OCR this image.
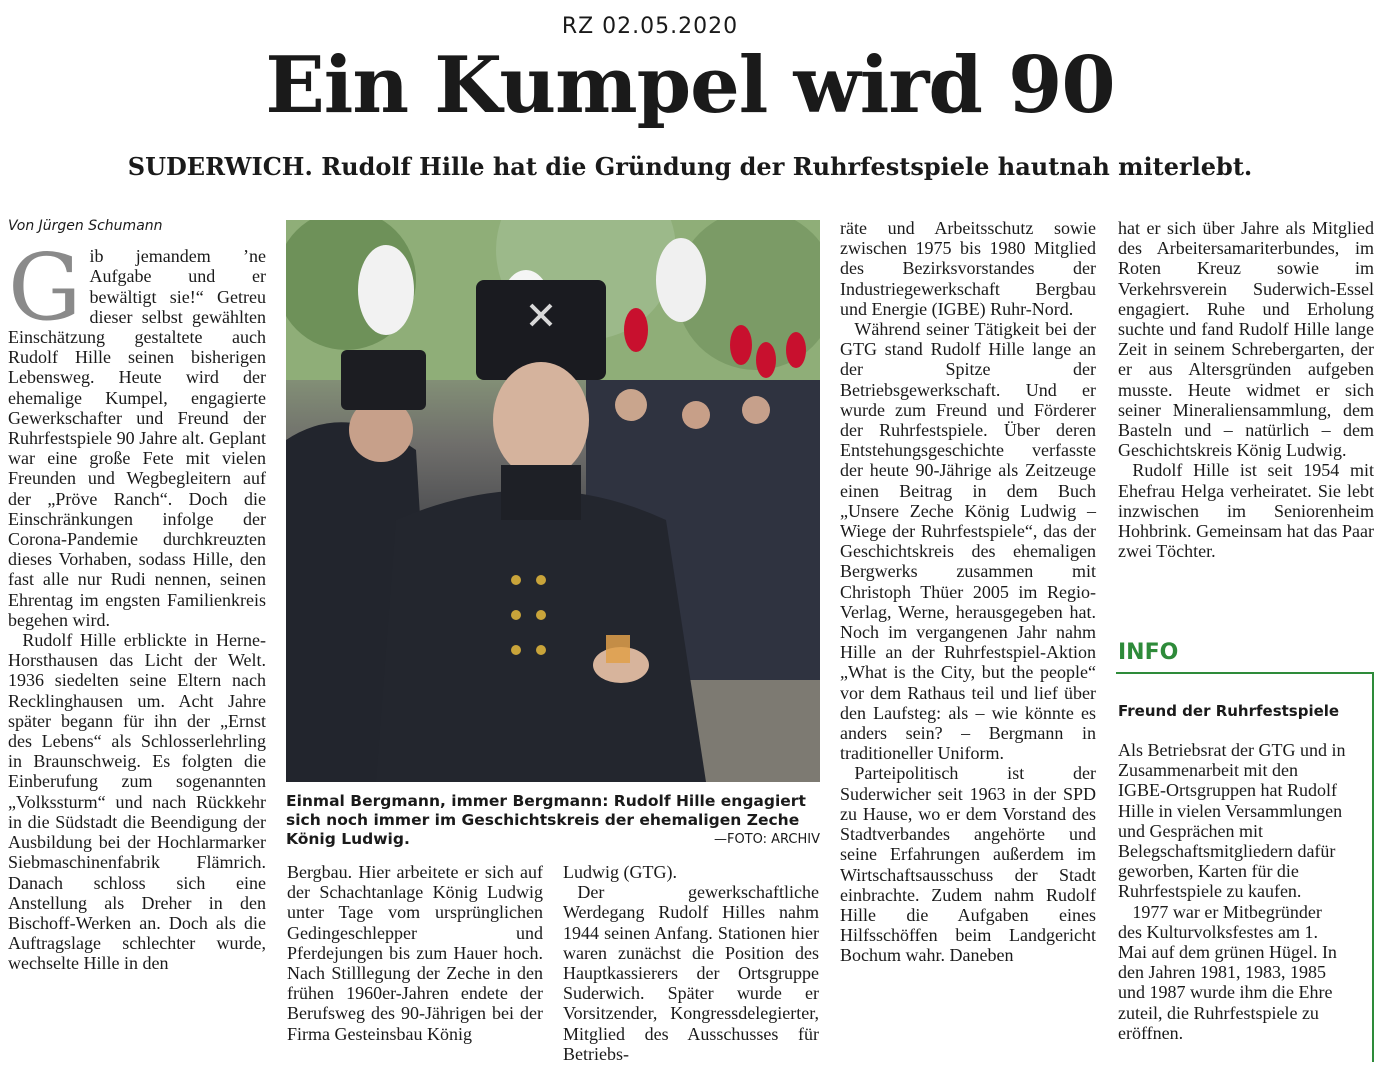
RZ 02.05.2020
Ein Kumpel wird 90
SUDERWICH. Rudolf Hille hat die Gründung der Ruhrfestspiele hautnah miterlebt.

Von Jürgen Schumann

Gib jemandem ’ne Aufgabe und er bewältigt sie!“ Getreu dieser selbst gewählten Einschätzung gestaltete auch Rudolf Hille seinen bisherigen Lebensweg. Heute wird der ehemalige Kumpel, engagierte Gewerkschafter und Freund der Ruhrfestspiele 90 Jahre alt. Geplant war eine große Fete mit vielen Freunden und Wegbegleitern auf der „Pröve Ranch“. Doch die Einschränkungen infolge der Corona-Pandemie durchkreuzten dieses Vorhaben, sodass Hille, den fast alle nur Rudi nennen, seinen Ehrentag im engsten Familienkreis begehen wird.

Rudolf Hille erblickte in Herne-Horsthausen das Licht der Welt. 1936 siedelten seine Eltern nach Recklinghausen um. Acht Jahre später begann für ihn der „Ernst des Lebens“ als Schlosserlehrling in Braunschweig. Es folgten die Einberufung zum sogenannten „Volkssturm“ und nach Rückkehr in die Südstadt die Beendigung der Ausbildung bei der Hochlarmarker Siebmaschinenfabrik Flämrich. Danach schloss sich eine Anstellung als Dreher in den Bischoff-Werken an. Doch als die Auftragslage schlechter wurde, wechselte Hille in den

Einmal Bergmann, immer Bergmann: Rudolf Hille engagiert sich noch immer im Geschichtskreis der ehemaligen Zeche König Ludwig.	—FOTO: ARCHIV

Bergbau. Hier arbeitete er sich auf der Schachtanlage König Ludwig unter Tage vom ursprünglichen Gedingeschlepper und Pferdejungen bis zum Hauer hoch. Nach Stilllegung der Zeche in den frühen 1960er-Jahren endete der Berufsweg des 90-Jährigen bei der Firma Gesteinsbau König

Ludwig (GTG).

Der gewerkschaftliche Werdegang Rudolf Hilles nahm 1944 seinen Anfang. Stationen hier waren zunächst die Position des Hauptkassierers der Ortsgruppe Suderwich. Später wurde er Vorsitzender, Kongressdelegierter, Mitglied des Ausschusses für Betriebs-

räte und Arbeitsschutz sowie zwischen 1975 bis 1980 Mitglied des Bezirksvorstandes der Industriegewerkschaft Bergbau und Energie (IGBE) Ruhr-Nord.

Während seiner Tätigkeit bei der GTG stand Rudolf Hille lange an der Spitze der Betriebsgewerkschaft. Und er wurde zum Freund und Förderer der Ruhrfestspiele. Über deren Entstehungsgeschichte verfasste der heute 90-Jährige als Zeitzeuge einen Beitrag in dem Buch „Unsere Zeche König Ludwig – Wiege der Ruhrfestspiele“, das der Geschichtskreis des ehemaligen Bergwerks zusammen mit Christoph Thüer 2005 im Regio-Verlag, Werne, herausgegeben hat. Noch im vergangenen Jahr nahm Hille an der Ruhrfestspiel-Aktion „What is the City, but the people“ vor dem Rathaus teil und lief über den Laufsteg: als – wie könnte es anders sein? – Bergmann in traditioneller Uniform.

Parteipolitisch ist der Suderwicher seit 1963 in der SPD zu Hause, wo er dem Vorstand des Stadtverbandes angehörte und seine Erfahrungen außerdem im Wirtschaftsausschuss der Stadt einbrachte. Zudem nahm Rudolf Hille die Aufgaben eines Hilfsschöffen beim Landgericht Bochum wahr. Daneben

hat er sich über Jahre als Mitglied des Arbeitersamariterbundes, im Roten Kreuz sowie im Verkehrsverein Suderwich-Essel engagiert. Ruhe und Erholung suchte und fand Rudolf Hille lange Zeit in seinem Schrebergarten, der er aus Altersgründen aufgeben musste. Heute widmet er sich seiner Mineraliensammlung, dem Basteln und – natürlich – dem Geschichtskreis König Ludwig.

Rudolf Hille ist seit 1954 mit Ehefrau Helga verheiratet. Sie lebt inzwischen im Seniorenheim Hohbrink. Gemeinsam hat das Paar zwei Töchter.

INFO
Freund der Ruhrfestspiele

Als Betriebsrat der GTG und in Zusammenarbeit mit den IGBE-Ortsgruppen hat Rudolf Hille in vielen Versammlungen und Gesprächen mit Belegschaftsmitgliedern dafür geworben, Karten für die Ruhrfestspiele zu kaufen.

1977 war er Mitbegründer des Kulturvolksfestes am 1. Mai auf dem grünen Hügel. In den Jahren 1981, 1983, 1985 und 1987 wurde ihm die Ehre zuteil, die Ruhrfestspiele zu eröffnen.
